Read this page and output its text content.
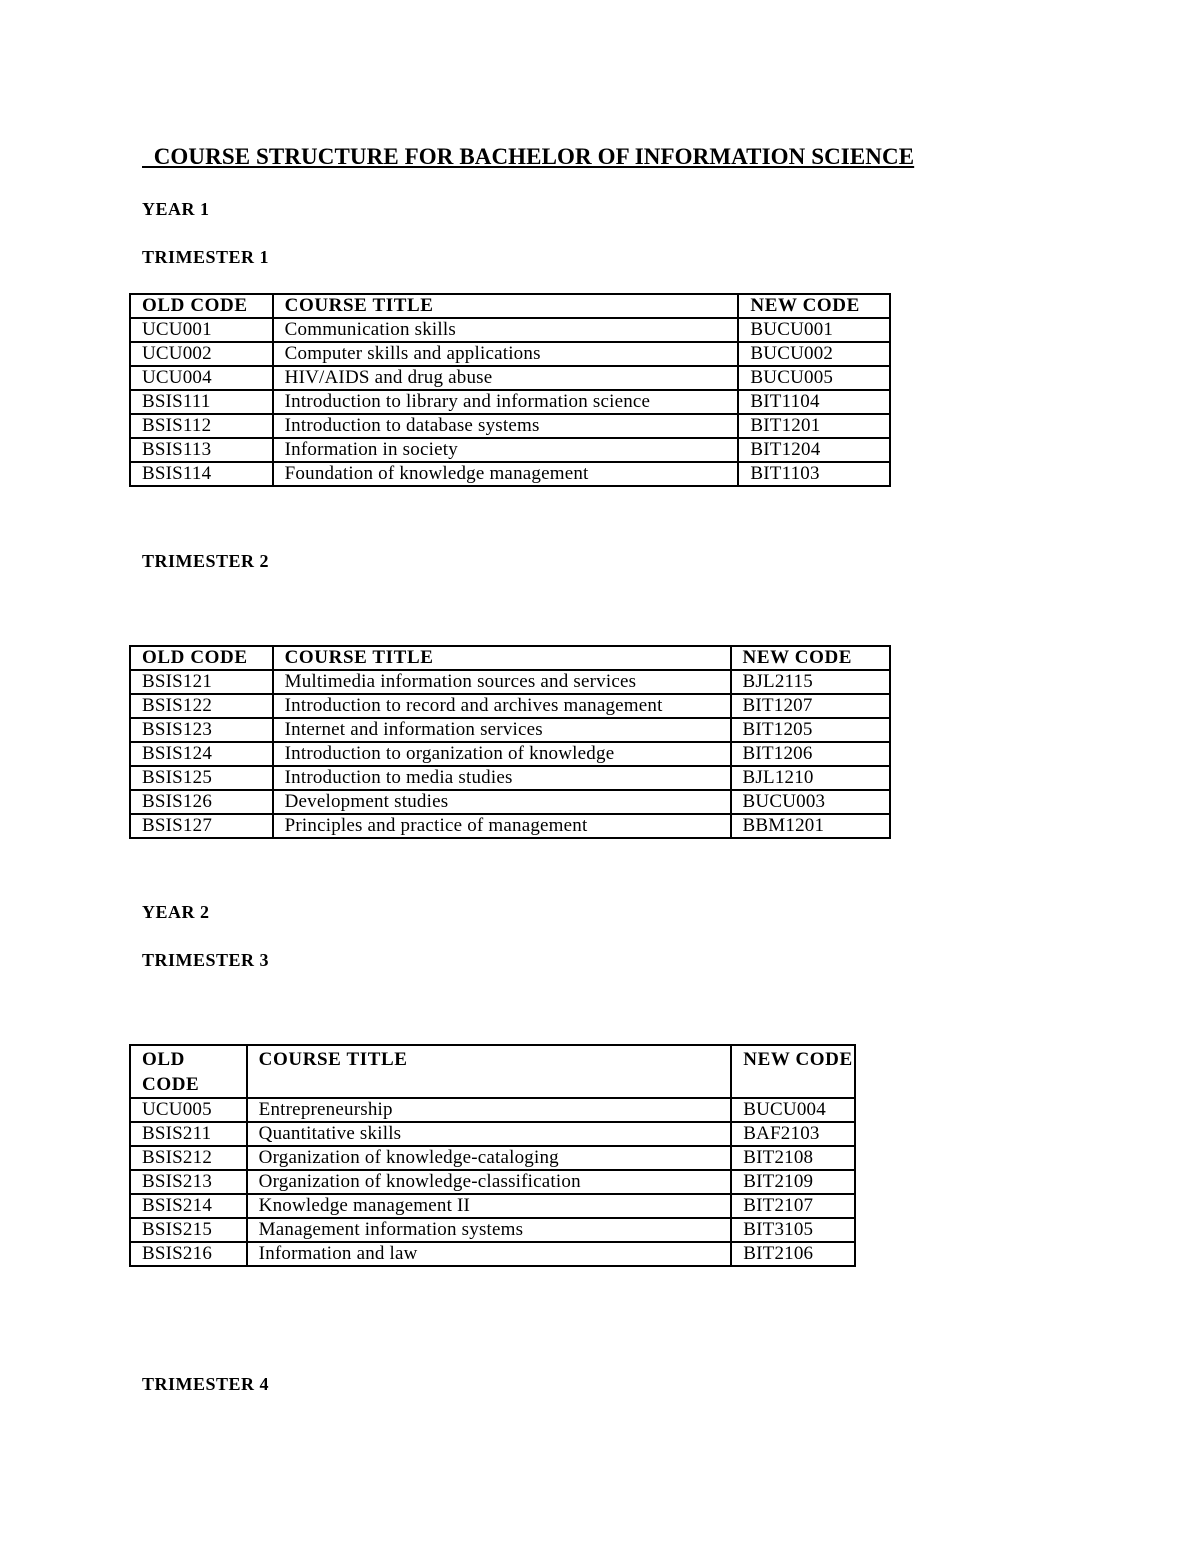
COURSE STRUCTURE FOR BACHELOR OF INFORMATION SCIENCE
YEAR 1
TRIMESTER 1
OLD CODE	COURSE TITLE	NEW CODE
UCU001	Communication skills	BUCU001
UCU002	Computer skills and applications	BUCU002
UCU004	HIV/AIDS and drug abuse	BUCU005
BSIS111	Introduction to library and information science	BIT1104
BSIS112	Introduction to database systems	BIT1201
BSIS113	Information in society	BIT1204
BSIS114	Foundation of knowledge management	BIT1103
TRIMESTER 2
OLD CODE	COURSE TITLE	NEW CODE
BSIS121	Multimedia information sources and services	BJL2115
BSIS122	Introduction to record and archives management	BIT1207
BSIS123	Internet and information services	BIT1205
BSIS124	Introduction to organization of knowledge	BIT1206
BSIS125	Introduction to media studies	BJL1210
BSIS126	Development studies	BUCU003
BSIS127	Principles and practice of management	BBM1201
YEAR 2
TRIMESTER 3
OLD CODE	COURSE TITLE	NEW CODE
UCU005	Entrepreneurship	BUCU004
BSIS211	Quantitative skills	BAF2103
BSIS212	Organization of knowledge-cataloging	BIT2108
BSIS213	Organization of knowledge-classification	BIT2109
BSIS214	Knowledge management II	BIT2107
BSIS215	Management information systems	BIT3105
BSIS216	Information and law	BIT2106
TRIMESTER 4
